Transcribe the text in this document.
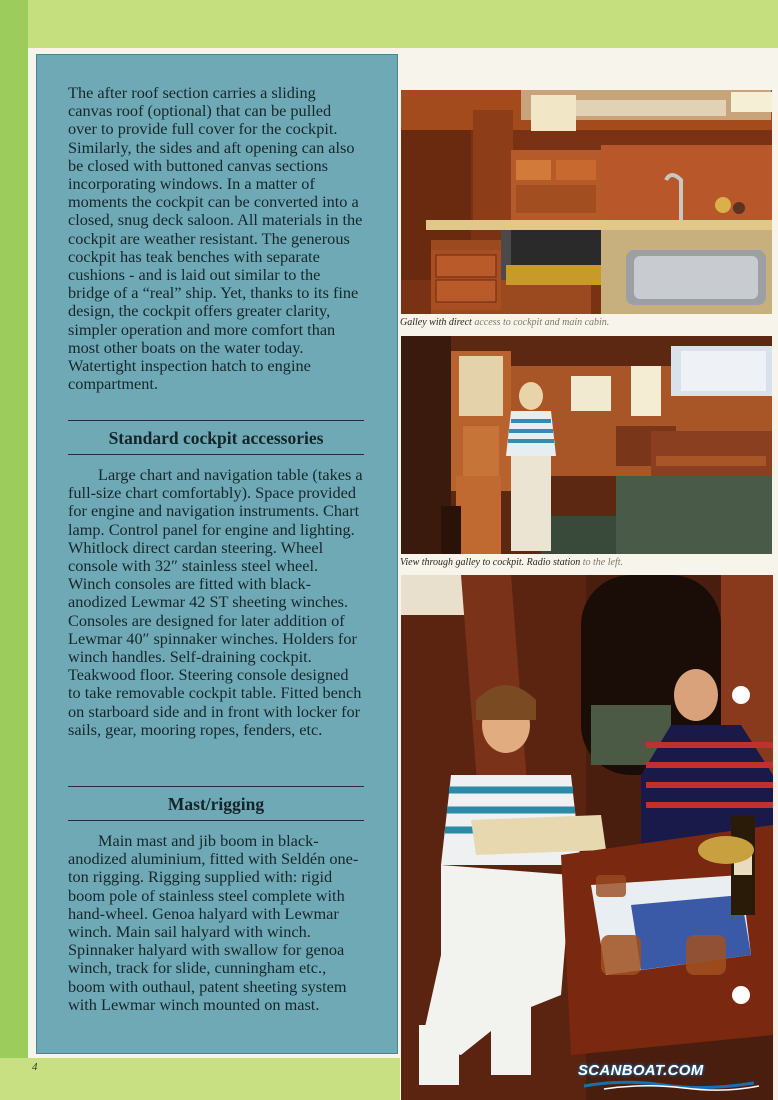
The after roof section carries a sliding canvas roof (optional) that can be pulled over to provide full cover for the cockpit. Similarly, the sides and aft opening can also be closed with buttoned canvas sections incorporating windows. In a matter of moments the cockpit can be converted into a closed, snug deck saloon. All materials in the cockpit are weather resistant. The generous cockpit has teak benches with separate cushions - and is laid out similar to the bridge of a “real” ship. Yet, thanks to its fine design, the cockpit offers greater clarity, simpler operation and more comfort than most other boats on the water today. Watertight inspection hatch to engine compartment.

Standard cockpit accessories

Large chart and navigation table (takes a full-size chart comfortably). Space provided for engine and navigation instruments. Chart lamp. Control panel for engine and lighting. Whitlock direct cardan steering. Wheel console with 32″ stainless steel wheel. Winch consoles are fitted with black-anodized Lewmar 42 ST sheeting winches. Consoles are designed for later addition of Lewmar 40″ spinnaker winches. Holders for winch handles. Self-draining cockpit. Teakwood floor. Steering console designed to take removable cockpit table. Fitted bench on starboard side and in front with locker for sails, gear, mooring ropes, fenders, etc.

Mast/rigging

Main mast and jib boom in black-anodized aluminium, fitted with Seldén one-ton rigging. Rigging supplied with: rigid boom pole of stainless steel complete with hand-wheel. Genoa halyard with Lewmar winch. Main sail halyard with winch. Spinnaker halyard with swallow for genoa winch, track for slide, cunningham etc., boom with outhaul, patent sheeting system with Lewmar winch mounted on mast.

Galley with direct access to cockpit and main cabin.

View through galley to cockpit. Radio station to the left.

4	SCANBOAT.COM
